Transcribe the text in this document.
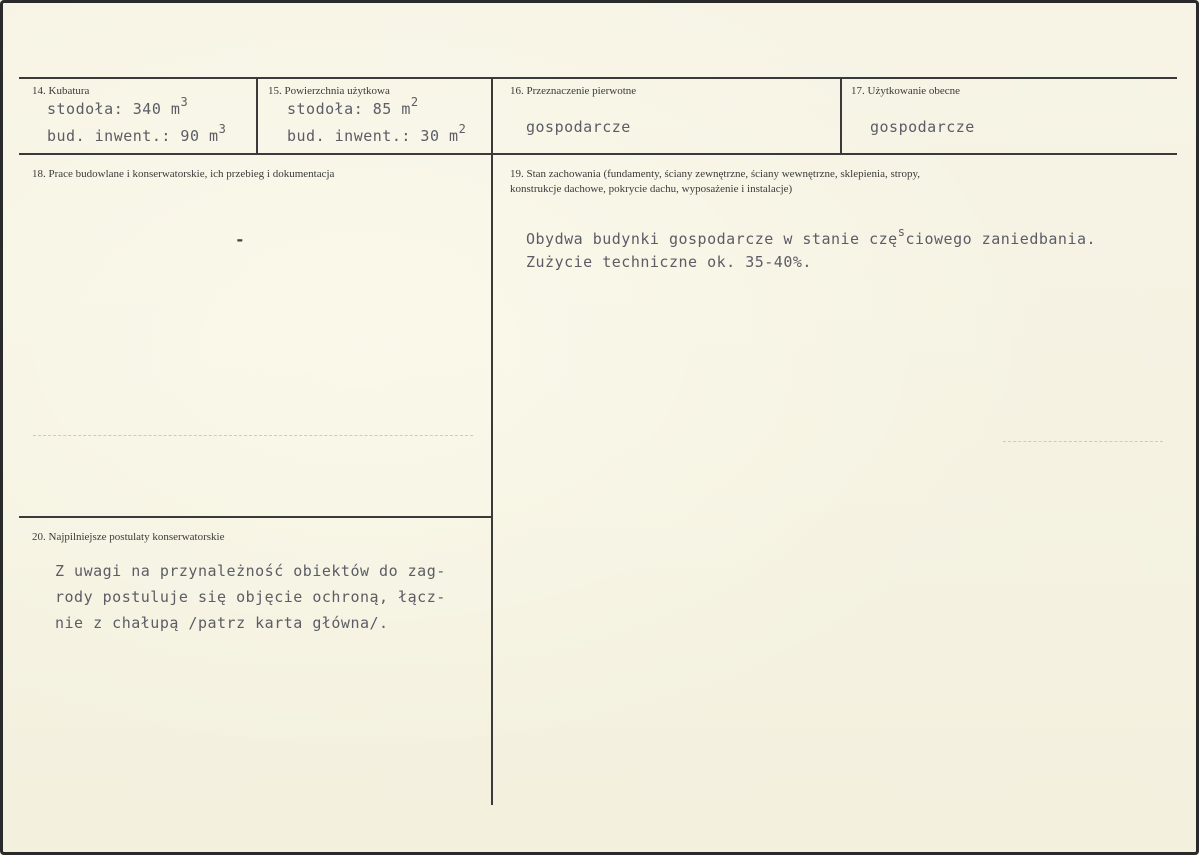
14. Kubatura
stodoła: 340 $m^3$
bud. inwent.: 90 $m^3$
15. Powierzchnia użytkowa
stodoła: 85 $m^2$
bud. inwent.: 30 $m^2$
16. Przeznaczenie pierwotne
gospodarcze
17. Użytkowanie obecne
gospodarcze
18. Prace budowlane i konserwatorskie, ich przebieg i dokumentacja
-
19. Stan zachowania (fundamenty, ściany zewnętrzne, ściany wewnętrzne, sklepienia, stropy,
konstrukcje dachowe, pokrycie dachu, wyposażenie i instalacje)
Obydwa budynki gospodarcze w stanie czę$^s$ciowego zaniedbania.
Zużycie techniczne ok. 35-40%.
20. Najpilniejsze postulaty konserwatorskie
Z uwagi na przynależność obiektów do zag-
rody postuluje się objęcie ochroną, łącz-
nie z chałupą /patrz karta główna/.
